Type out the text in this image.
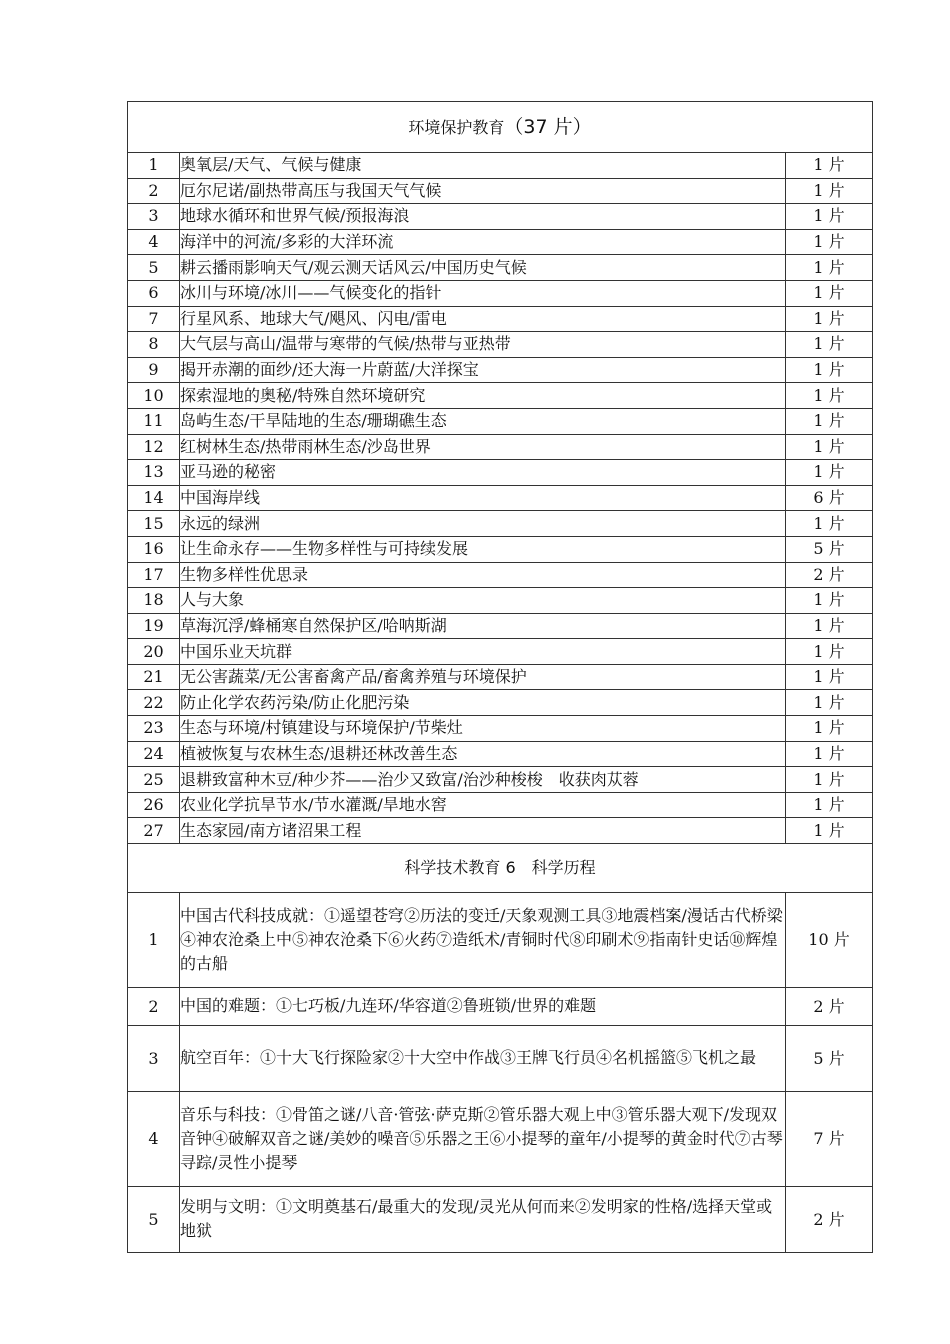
环境保护教育（37 片）		
1	奥氧层/天气、气候与健康	1 片
2	厄尔尼诺/副热带高压与我国天气气候	1 片
3	地球水循环和世界气候/预报海浪	1 片
4	海洋中的河流/多彩的大洋环流	1 片
5	耕云播雨影响天气/观云测天话风云/中国历史气候	1 片
6	冰川与环境/冰川——气候变化的指针	1 片
7	行星风系、地球大气/飓风、闪电/雷电	1 片
8	大气层与高山/温带与寒带的气候/热带与亚热带	1 片
9	揭开赤潮的面纱/还大海一片蔚蓝/大洋探宝	1 片
10	探索湿地的奥秘/特殊自然环境研究	1 片
11	岛屿生态/干旱陆地的生态/珊瑚礁生态	1 片
12	红树林生态/热带雨林生态/沙岛世界	1 片
13	亚马逊的秘密	1 片
14	中国海岸线	6 片
15	永远的绿洲	1 片
16	让生命永存——生物多样性与可持续发展	5 片
17	生物多样性优思录	2 片
18	人与大象	1 片
19	草海沉浮/蜂桶寒自然保护区/哈呐斯湖	1 片
20	中国乐业天坑群	1 片
21	无公害蔬菜/无公害畜禽产品/畜禽养殖与环境保护	1 片
22	防止化学农药污染/防止化肥污染	1 片
23	生态与环境/村镇建设与环境保护/节柴灶	1 片
24	植被恢复与农林生态/退耕还林改善生态	1 片
25	退耕致富种木豆/种少芥——治少又致富/治沙种梭梭　收获肉苁蓉	1 片
26	农业化学抗旱节水/节水灌溉/旱地水窖	1 片
27	生态家园/南方诸沼果工程	1 片
科学技术教育 6　科学历程		
1	中国古代科技成就：①遥望苍穹②历法的变迁/天象观测工具③地震档案/漫话古代桥梁④神农沧桑上中⑤神农沧桑下⑥火药⑦造纸术/青铜时代⑧印刷术⑨指南针史话⑩辉煌的古船	10 片
2	中国的难题：①七巧板/九连环/华容道②鲁班锁/世界的难题	2 片
3	航空百年：①十大飞行探险家②十大空中作战③王牌飞行员④名机摇篮⑤飞机之最	5 片
4	音乐与科技：①骨笛之谜/八音·管弦·萨克斯②管乐器大观上中③管乐器大观下/发现双音钟④破解双音之谜/美妙的噪音⑤乐器之王⑥小提琴的童年/小提琴的黄金时代⑦古琴寻踪/灵性小提琴	7 片
5	发明与文明：①文明奠基石/最重大的发现/灵光从何而来②发明家的性格/选择天堂或地狱	2 片
